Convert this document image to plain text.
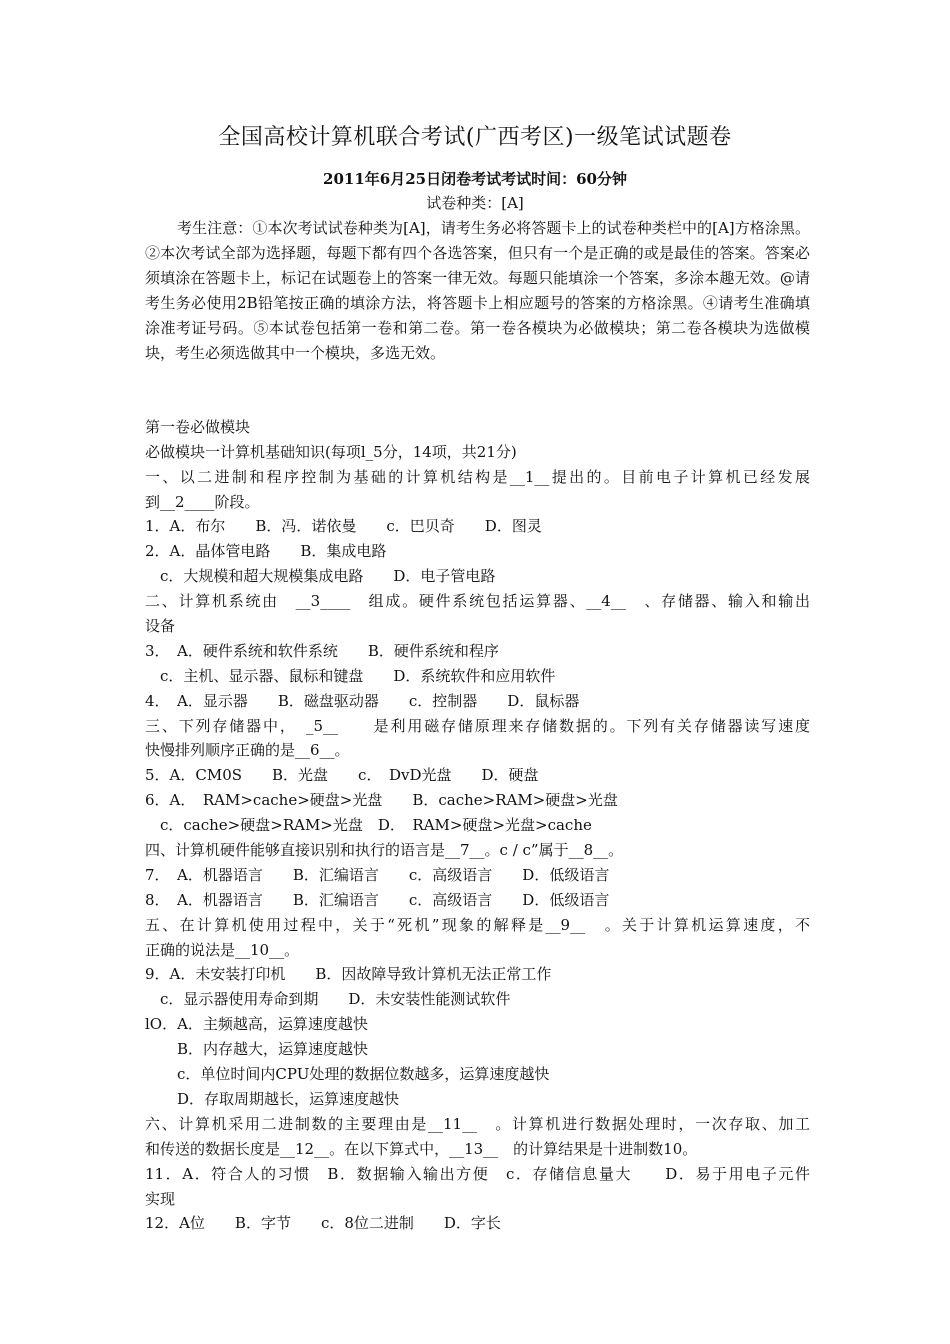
全国高校计算机联合考试(广西考区)一级笔试试题卷
2011年6月25日闭卷考试考试时间：60分钟
试卷种类：[A]
考生注意：①本次考试试卷种类为[A]，请考生务必将答题卡上的试卷种类栏中的[A]方格涂黑。②本次考试全部为选择题，每题下都有四个各选答案，但只有一个是正确的或是最佳的答案。答案必须填涂在答题卡上，标记在试题卷上的答案一律无效。每题只能填涂一个答案，多涂本趣无效。@请考生务必使用2B铅笔按正确的填涂方法，将答题卡上相应题号的答案的方格涂黑。④请考生准确填涂准考证号码。⑤本试卷包括第一卷和第二卷。第一卷各模块为必做模块；第二卷各模块为选做模块，考生必须选做其中一个模块，多选无效。
第一卷必做模块
必做模块一计算机基础知识(每项l_5分，14项，共21分)
一、以二进制和程序控制为基础的计算机结构是__1__提出的。目前电子计算机已经发展
到__2____阶段。
1．A．布尔　　B．冯．诺依曼　　c．巴贝奇　　D．图灵
2．A．晶体管电路　　B．集成电路
c．大规模和超大规模集成电路　　D．电子管电路
二、计算机系统由　__3____　组成。硬件系统包括运算器、__4__　、存储器、输入和输出
设备
3．　A．硬件系统和软件系统　　B．硬件系统和程序
c．主机、显示器、鼠标和键盘　　D．系统软件和应用软件
4．　A．显示器　　B．磁盘驱动器　　c．控制器　　D．鼠标器
三、下列存储器中，　_5__　　是利用磁存储原理来存储数据的。下列有关存储器读写速度
快慢排列顺序正确的是__6__。
5．A．CM0S　　B．光盘　　c．　DvD光盘　　D．硬盘
6．A．　RAM>cache>硬盘>光盘　　B．cache>RAM>硬盘>光盘
c．cache>硬盘>RAM>光盘　D．　RAM>硬盘>光盘>cache
四、计算机硬件能够直接识别和执行的语言是__7__。c / c”属于__8__。
7．　A．机器语言　　B．汇编语言　　c．高级语言　　D．低级语言
8．　A．机器语言　　B．汇编语言　　c．高级语言　　D．低级语言
五、在计算机使用过程中，关于“死机”现象的解释是__9__　。关于计算机运算速度，不
正确的说法是__10__。
9．A．未安装打印机　　B．因故障导致计算机无法正常工作
c．显示器使用寿命到期　　D．未安装性能测试软件
lO．A．主频越高，运算速度越快
B．内存越大，运算速度越快
c．单位时间内CPU处理的数据位数越多，运算速度越快
D．存取周期越长，运算速度越快
六、计算机采用二进制数的主要理由是__11__　。计算机进行数据处理时，一次存取、加工
和传送的数据长度是__12__。在以下算式中，__13__　的计算结果是十进制数10。
11．A．符合人的习惯　B．数据输入输出方便　c．存储信息量大　　D．易于用电子元件
实现
12．A位　　B．字节　　c．8位二进制　　D．字长
